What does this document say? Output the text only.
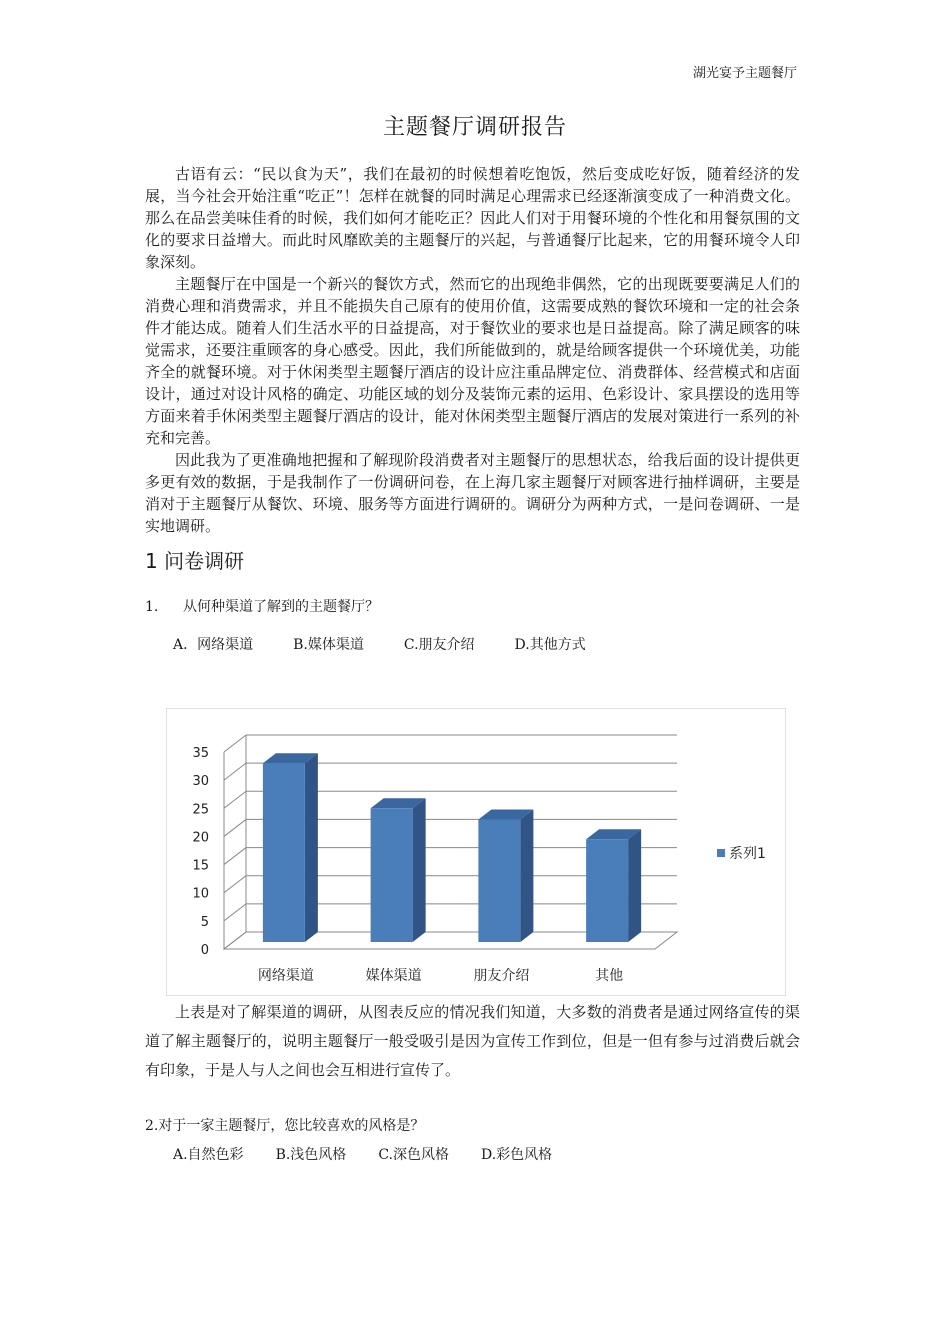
湖光宴予主题餐厅
主题餐厅调研报告

古语有云：“民以食为天”，我们在最初的时候想着吃饱饭，然后变成吃好饭，随着经济的发展，当今社会开始注重“吃正”！怎样在就餐的同时满足心理需求已经逐渐演变成了一种消费文化。那么在品尝美味佳肴的时候，我们如何才能吃正？因此人们对于用餐环境的个性化和用餐氛围的文化的要求日益增大。而此时风靡欧美的主题餐厅的兴起，与普通餐厅比起来，它的用餐环境令人印象深刻。

主题餐厅在中国是一个新兴的餐饮方式，然而它的出现绝非偶然，它的出现既要要满足人们的消费心理和消费需求，并且不能损失自己原有的使用价值，这需要成熟的餐饮环境和一定的社会条件才能达成。随着人们生活水平的日益提高，对于餐饮业的要求也是日益提高。除了满足顾客的味觉需求，还要注重顾客的身心感受。因此，我们所能做到的，就是给顾客提供一个环境优美，功能齐全的就餐环境。对于休闲类型主题餐厅酒店的设计应注重品牌定位、消费群体、经营模式和店面设计，通过对设计风格的确定、功能区域的划分及装饰元素的运用、色彩设计、家具摆设的选用等方面来着手休闲类型主题餐厅酒店的设计，能对休闲类型主题餐厅酒店的发展对策进行一系列的补充和完善。

因此我为了更准确地把握和了解现阶段消费者对主题餐厅的思想状态，给我后面的设计提供更多更有效的数据，于是我制作了一份调研问卷，在上海几家主题餐厅对顾客进行抽样调研，主要是消对于主题餐厅从餐饮、环境、服务等方面进行调研的。调研分为两种方式，一是问卷调研、一是实地调研。

1 问卷调研
1. 从何种渠道了解到的主题餐厅？
A．网络渠道	B.媒体渠道	C.朋友介绍	D.其他方式
0
5
10
15
20
25
30
35
网络渠道	媒体渠道	朋友介绍	其他
系列1

上表是对了解渠道的调研，从图表反应的情况我们知道，大多数的消费者是通过网络宣传的渠道了解主题餐厅的，说明主题餐厅一般受吸引是因为宣传工作到位，但是一但有参与过消费后就会有印象，于是人与人之间也会互相进行宣传了。

2.对于一家主题餐厅，您比较喜欢的风格是？
A.自然色彩 B.浅色风格 C.深色风格 D.彩色风格
